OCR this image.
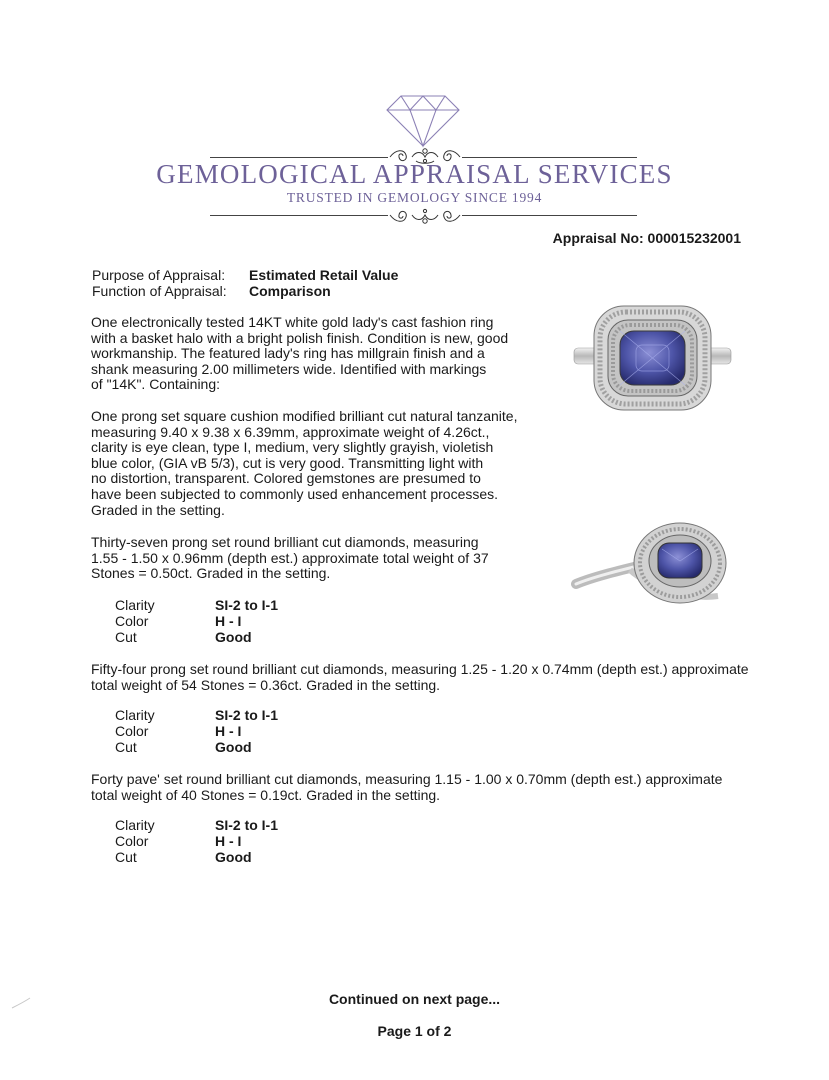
GEMOLOGICAL APPRAISAL SERVICES
TRUSTED IN GEMOLOGY SINCE 1994
Appraisal No: 000015232001
Purpose of Appraisal: Estimated Retail Value
Function of Appraisal: Comparison
One electronically tested 14KT white gold lady's cast fashion ring
with a basket halo with a bright polish finish. Condition is new, good
workmanship. The featured lady's ring has millgrain finish and a
shank measuring 2.00 millimeters wide. Identified with markings
of "14K". Containing:
One prong set square cushion modified brilliant cut natural tanzanite,
measuring 9.40 x 9.38 x 6.39mm, approximate weight of 4.26ct.,
clarity is eye clean, type I, medium, very slightly grayish, violetish
blue color, (GIA vB 5/3), cut is very good. Transmitting light with
no distortion, transparent. Colored gemstones are presumed to
have been subjected to commonly used enhancement processes.
Graded in the setting.
Thirty-seven prong set round brilliant cut diamonds, measuring
1.55 - 1.50 x 0.96mm (depth est.) approximate total weight of 37
Stones = 0.50ct. Graded in the setting.
Clarity	SI-2 to I-1
Color	H - I
Cut	Good
Fifty-four prong set round brilliant cut diamonds, measuring 1.25 - 1.20 x 0.74mm (depth est.) approximate
total weight of 54 Stones = 0.36ct. Graded in the setting.
Clarity	SI-2 to I-1
Color	H - I
Cut	Good
Forty pave' set round brilliant cut diamonds, measuring 1.15 - 1.00 x 0.70mm (depth est.) approximate
total weight of 40 Stones = 0.19ct. Graded in the setting.
Clarity	SI-2 to I-1
Color	H - I
Cut	Good
Continued on next page...
Page 1 of 2
